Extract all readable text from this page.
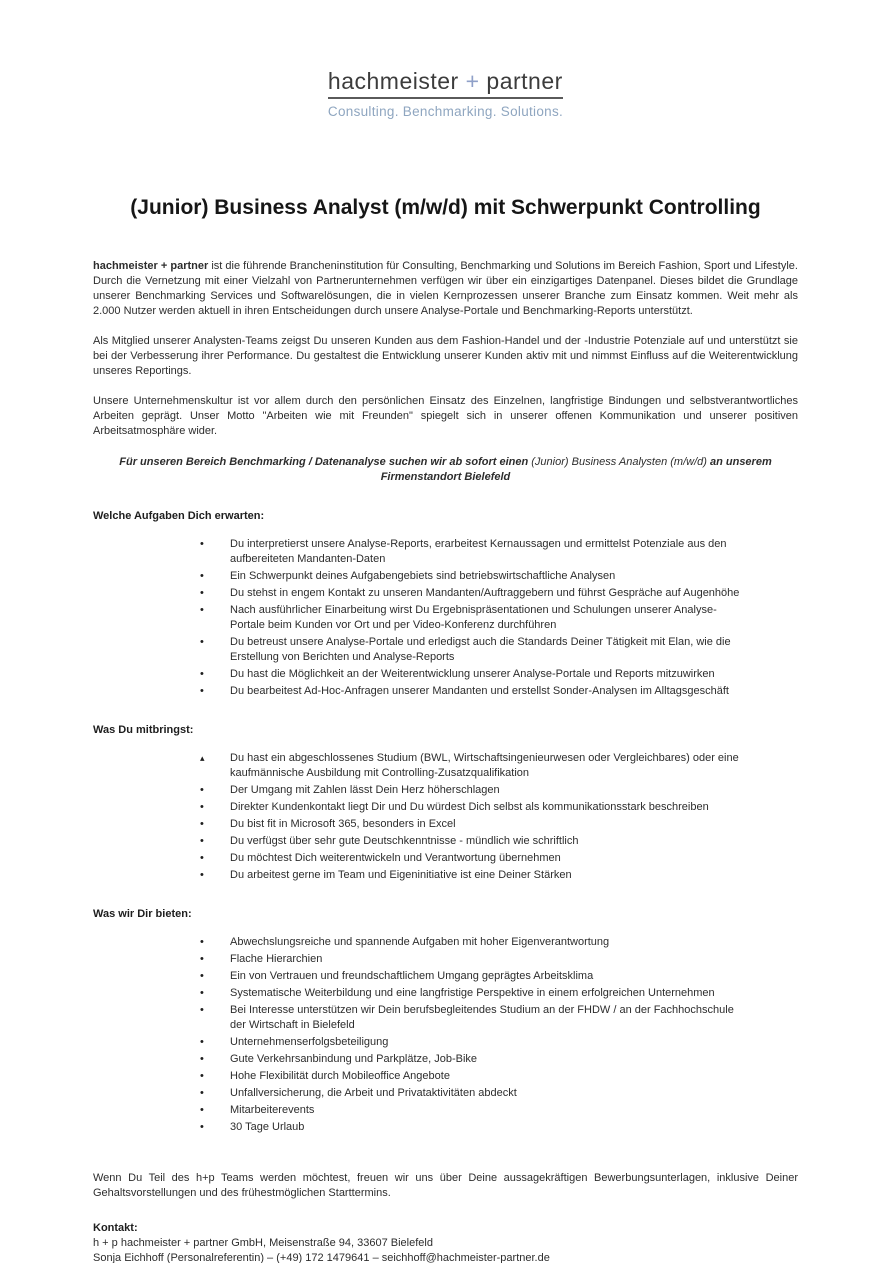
hachmeister + partner
Consulting. Benchmarking. Solutions.
(Junior) Business Analyst (m/w/d) mit Schwerpunkt Controlling

hachmeister + partner ist die führende Brancheninstitution für Consulting, Benchmarking und Solutions im Bereich Fashion, Sport und Lifestyle. Durch die Vernetzung mit einer Vielzahl von Partnerunternehmen verfügen wir über ein einzigartiges Datenpanel. Dieses bildet die Grundlage unserer Benchmarking Services und Softwarelösungen, die in vielen Kernprozessen unserer Branche zum Einsatz kommen. Weit mehr als 2.000 Nutzer werden aktuell in ihren Entscheidungen durch unsere Analyse-Portale und Benchmarking-Reports unterstützt.

Als Mitglied unserer Analysten-Teams zeigst Du unseren Kunden aus dem Fashion-Handel und der -Industrie Potenziale auf und unterstützt sie bei der Verbesserung ihrer Performance. Du gestaltest die Entwicklung unserer Kunden aktiv mit und nimmst Einfluss auf die Weiterentwicklung unseres Reportings.

Unsere Unternehmenskultur ist vor allem durch den persönlichen Einsatz des Einzelnen, langfristige Bindungen und selbstverantwortliches Arbeiten geprägt. Unser Motto "Arbeiten wie mit Freunden" spiegelt sich in unserer offenen Kommunikation und unserer positiven Arbeitsatmosphäre wider.

Für unseren Bereich Benchmarking / Datenanalyse suchen wir ab sofort einen (Junior) Business Analysten (m/w/d) an unserem Firmenstandort Bielefeld

Welche Aufgaben Dich erwarten:
•	Du interpretierst unsere Analyse-Reports, erarbeitest Kernaussagen und ermittelst Potenziale aus den aufbereiteten Mandanten-Daten
•	Ein Schwerpunkt deines Aufgabengebiets sind betriebswirtschaftliche Analysen
•	Du stehst in engem Kontakt zu unseren Mandanten/Auftraggebern und führst Gespräche auf Augenhöhe
•	Nach ausführlicher Einarbeitung wirst Du Ergebnispräsentationen und Schulungen unserer Analyse-Portale beim Kunden vor Ort und per Video-Konferenz durchführen
•	Du betreust unsere Analyse-Portale und erledigst auch die Standards Deiner Tätigkeit mit Elan, wie die Erstellung von Berichten und Analyse-Reports
•	Du hast die Möglichkeit an der Weiterentwicklung unserer Analyse-Portale und Reports mitzuwirken
•	Du bearbeitest Ad-Hoc-Anfragen unserer Mandanten und erstellst Sonder-Analysen im Alltagsgeschäft
Was Du mitbringst:
▴	Du hast ein abgeschlossenes Studium (BWL, Wirtschaftsingenieurwesen oder Vergleichbares) oder eine kaufmännische Ausbildung mit Controlling-Zusatzqualifikation
•	Der Umgang mit Zahlen lässt Dein Herz höherschlagen
•	Direkter Kundenkontakt liegt Dir und Du würdest Dich selbst als kommunikationsstark beschreiben
•	Du bist fit in Microsoft 365, besonders in Excel
•	Du verfügst über sehr gute Deutschkenntnisse - mündlich wie schriftlich
•	Du möchtest Dich weiterentwickeln und Verantwortung übernehmen
•	Du arbeitest gerne im Team und Eigeninitiative ist eine Deiner Stärken
Was wir Dir bieten:
•	Abwechslungsreiche und spannende Aufgaben mit hoher Eigenverantwortung
•	Flache Hierarchien
•	Ein von Vertrauen und freundschaftlichem Umgang geprägtes Arbeitsklima
•	Systematische Weiterbildung und eine langfristige Perspektive in einem erfolgreichen Unternehmen
•	Bei Interesse unterstützen wir Dein berufsbegleitendes Studium an der FHDW / an der Fachhochschule der Wirtschaft in Bielefeld
•	Unternehmenserfolgsbeteiligung
•	Gute Verkehrsanbindung und Parkplätze, Job-Bike
•	Hohe Flexibilität durch Mobileoffice Angebote
•	Unfallversicherung, die Arbeit und Privataktivitäten abdeckt
•	Mitarbeiterevents
•	30 Tage Urlaub

Wenn Du Teil des h+p Teams werden möchtest, freuen wir uns über Deine aussagekräftigen Bewerbungsunterlagen, inklusive Deiner Gehaltsvorstellungen und des frühestmöglichen Starttermins.

Kontakt:

h + p hachmeister + partner GmbH, Meisenstraße 94, 33607 Bielefeld

Sonja Eichhoff (Personalreferentin) – (+49) 172 1479641 – seichhoff@hachmeister-partner.de
